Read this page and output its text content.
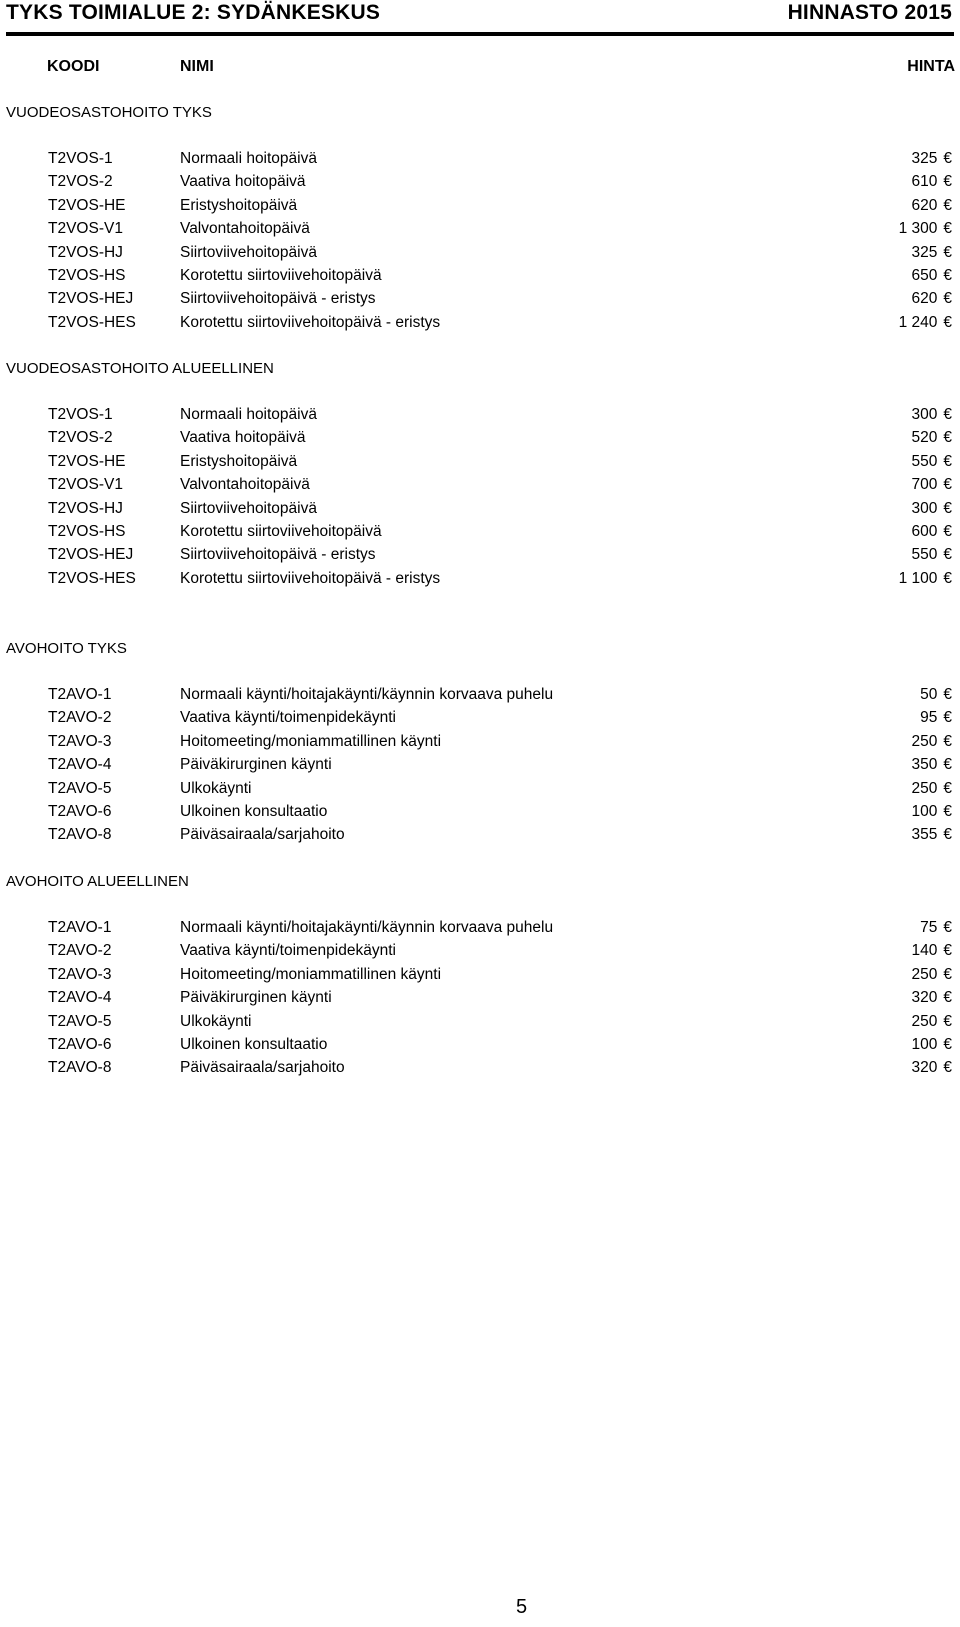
TYKS TOIMIALUE 2: SYDÄNKESKUS	HINNASTO 2015
KOODI	NIMI	HINTA
VUODEOSASTOHOITO TYKS
T2VOS-1	Normaali hoitopäivä	325 €
T2VOS-2	Vaativa hoitopäivä	610 €
T2VOS-HE	Eristyshoitopäivä	620 €
T2VOS-V1	Valvontahoitopäivä	1 300 €
T2VOS-HJ	Siirtoviivehoitopäivä	325 €
T2VOS-HS	Korotettu siirtoviivehoitopäivä	650 €
T2VOS-HEJ	Siirtoviivehoitopäivä - eristys	620 €
T2VOS-HES	Korotettu siirtoviivehoitopäivä - eristys	1 240 €
VUODEOSASTOHOITO ALUEELLINEN
T2VOS-1	Normaali hoitopäivä	300 €
T2VOS-2	Vaativa hoitopäivä	520 €
T2VOS-HE	Eristyshoitopäivä	550 €
T2VOS-V1	Valvontahoitopäivä	700 €
T2VOS-HJ	Siirtoviivehoitopäivä	300 €
T2VOS-HS	Korotettu siirtoviivehoitopäivä	600 €
T2VOS-HEJ	Siirtoviivehoitopäivä - eristys	550 €
T2VOS-HES	Korotettu siirtoviivehoitopäivä - eristys	1 100 €
AVOHOITO TYKS
T2AVO-1	Normaali käynti/hoitajakäynti/käynnin korvaava puhelu	50 €
T2AVO-2	Vaativa käynti/toimenpidekäynti	95 €
T2AVO-3	Hoitomeeting/moniammatillinen käynti	250 €
T2AVO-4	Päiväkirurginen käynti	350 €
T2AVO-5	Ulkokäynti	250 €
T2AVO-6	Ulkoinen konsultaatio	100 €
T2AVO-8	Päiväsairaala/sarjahoito	355 €
AVOHOITO ALUEELLINEN
T2AVO-1	Normaali käynti/hoitajakäynti/käynnin korvaava puhelu	75 €
T2AVO-2	Vaativa käynti/toimenpidekäynti	140 €
T2AVO-3	Hoitomeeting/moniammatillinen käynti	250 €
T2AVO-4	Päiväkirurginen käynti	320 €
T2AVO-5	Ulkokäynti	250 €
T2AVO-6	Ulkoinen konsultaatio	100 €
T2AVO-8	Päiväsairaala/sarjahoito	320 €
5
